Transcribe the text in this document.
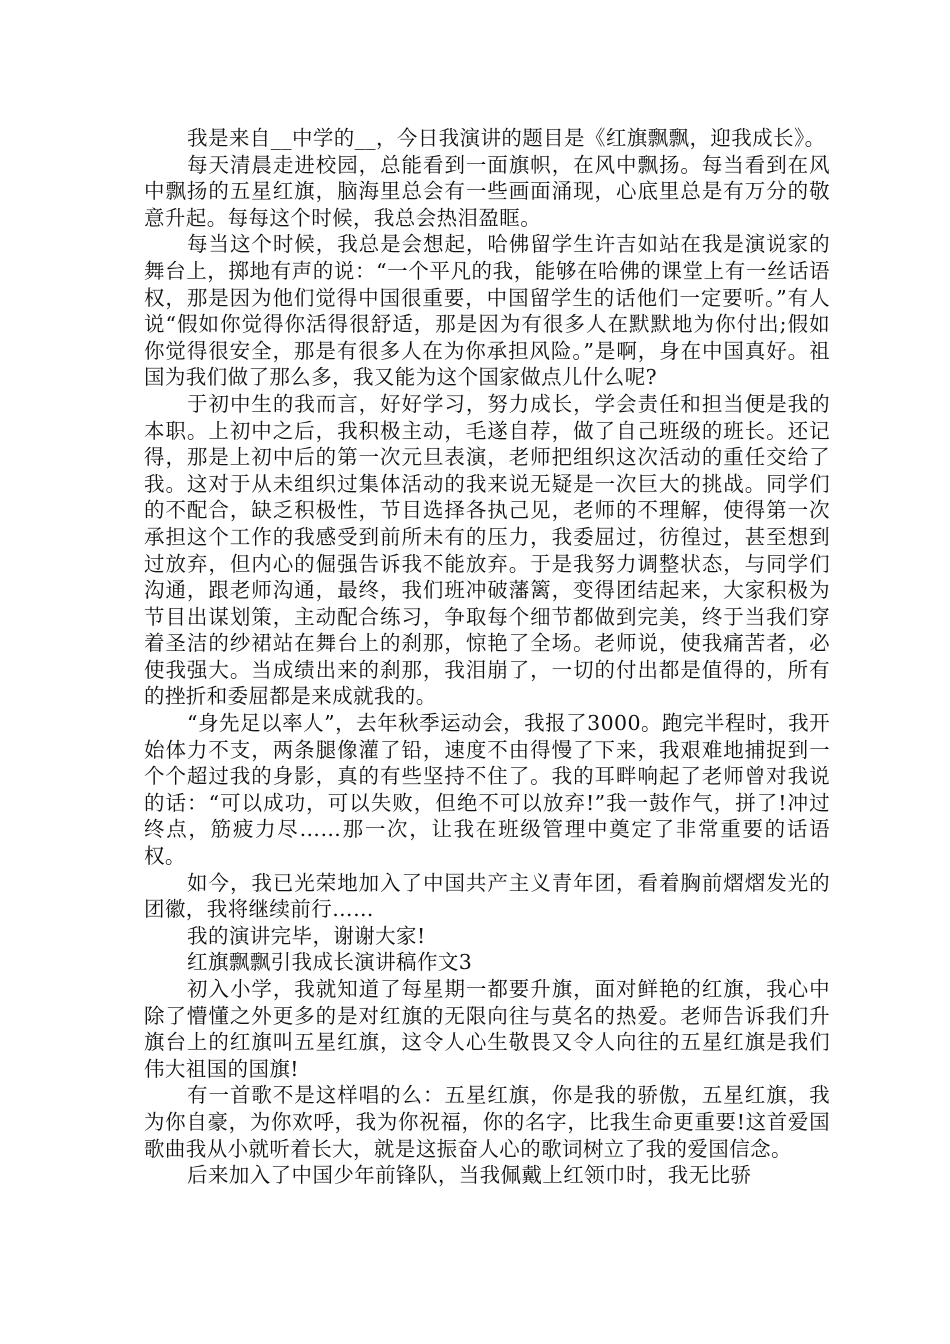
我是来自__中学的__，今日我演讲的题目是《红旗飘飘，迎我成长》。

每天清晨走进校园，总能看到一面旗帜，在风中飘扬。每当看到在风中飘扬的五星红旗，脑海里总会有一些画面涌现，心底里总是有万分的敬意升起。每每这个时候，我总会热泪盈眶。

每当这个时候，我总是会想起，哈佛留学生许吉如站在我是演说家的舞台上，掷地有声的说：“一个平凡的我，能够在哈佛的课堂上有一丝话语权，那是因为他们觉得中国很重要，中国留学生的话他们一定要听。”有人说“假如你觉得你活得很舒适，那是因为有很多人在默默地为你付出;假如你觉得很安全，那是有很多人在为你承担风险。”是啊，身在中国真好。祖国为我们做了那么多，我又能为这个国家做点儿什么呢?

于初中生的我而言，好好学习，努力成长，学会责任和担当便是我的本职。上初中之后，我积极主动，毛遂自荐，做了自己班级的班长。还记得，那是上初中后的第一次元旦表演，老师把组织这次活动的重任交给了我。这对于从未组织过集体活动的我来说无疑是一次巨大的挑战。同学们的不配合，缺乏积极性，节目选择各执己见，老师的不理解，使得第一次承担这个工作的我感受到前所未有的压力，我委屈过，彷徨过，甚至想到过放弃，但内心的倔强告诉我不能放弃。于是我努力调整状态，与同学们沟通，跟老师沟通，最终，我们班冲破藩篱，变得团结起来，大家积极为节目出谋划策，主动配合练习，争取每个细节都做到完美，终于当我们穿着圣洁的纱裙站在舞台上的刹那，惊艳了全场。老师说，使我痛苦者，必使我强大。当成绩出来的刹那，我泪崩了，一切的付出都是值得的，所有的挫折和委屈都是来成就我的。

“身先足以率人”，去年秋季运动会，我报了3000。跑完半程时，我开始体力不支，两条腿像灌了铅，速度不由得慢了下来，我艰难地捕捉到一个个超过我的身影，真的有些坚持不住了。我的耳畔响起了老师曾对我说的话：“可以成功，可以失败，但绝不可以放弃!”我一鼓作气，拼了!冲过终点，筋疲力尽……那一次，让我在班级管理中奠定了非常重要的话语权。

如今，我已光荣地加入了中国共产主义青年团，看着胸前熠熠发光的团徽，我将继续前行……

我的演讲完毕，谢谢大家!

红旗飘飘引我成长演讲稿作文3

初入小学，我就知道了每星期一都要升旗，面对鲜艳的红旗，我心中除了懵懂之外更多的是对红旗的无限向往与莫名的热爱。老师告诉我们升旗台上的红旗叫五星红旗，这令人心生敬畏又令人向往的五星红旗是我们伟大祖国的国旗!

有一首歌不是这样唱的么：五星红旗，你是我的骄傲，五星红旗，我为你自豪，为你欢呼，我为你祝福，你的名字，比我生命更重要!这首爱国歌曲我从小就听着长大，就是这振奋人心的歌词树立了我的爱国信念。

后来加入了中国少年前锋队，当我佩戴上红领巾时，我无比骄
